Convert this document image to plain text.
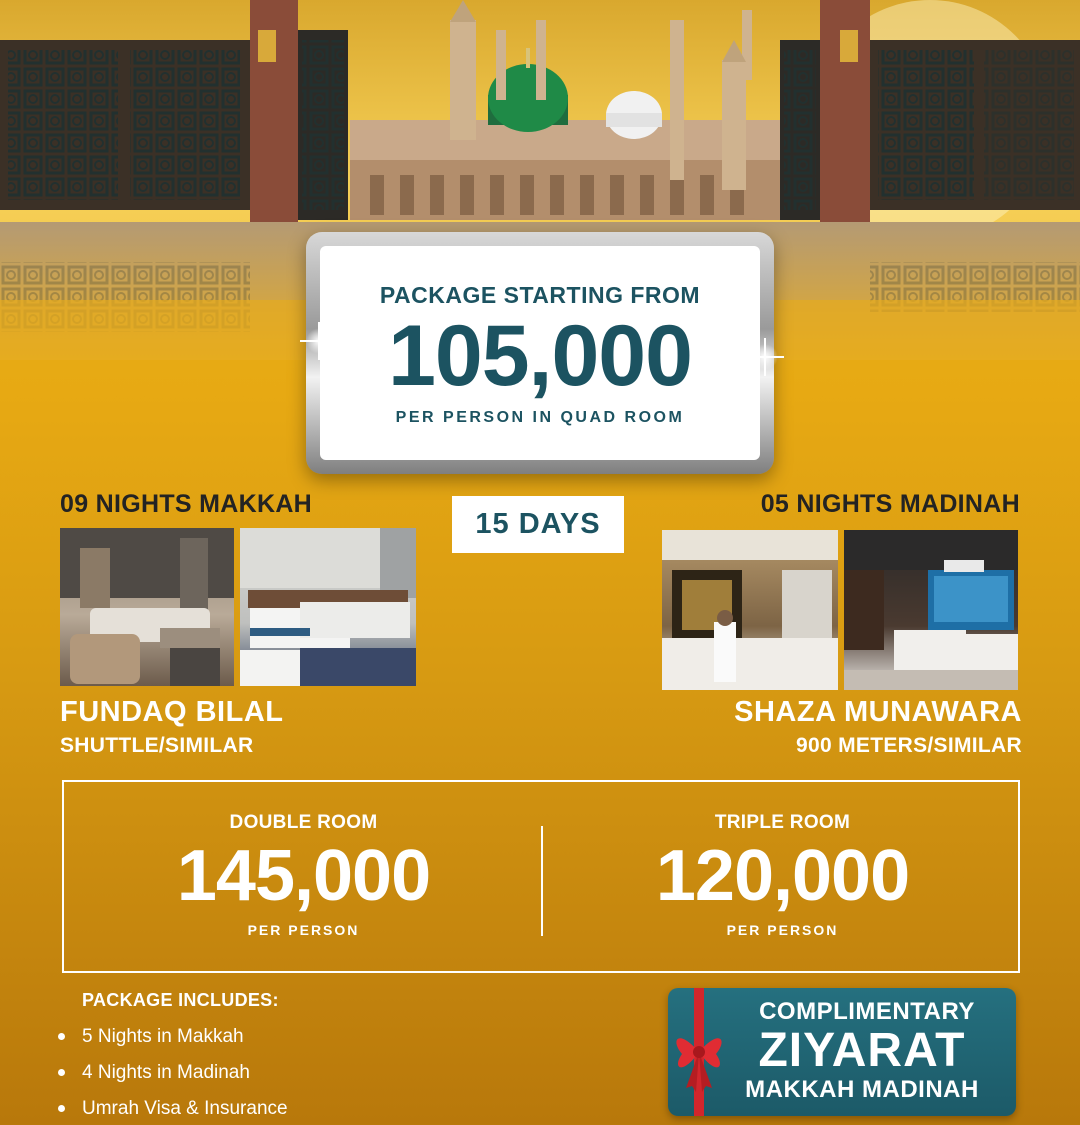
PACKAGE STARTING FROM
105,000
PER PERSON IN QUAD ROOM
09 NIGHTS MAKKAH
FUNDAQ BILAL
SHUTTLE/SIMILAR
15 DAYS
05 NIGHTS MADINAH
SHAZA MUNAWARA
900 METERS/SIMILAR
DOUBLE ROOM
145,000
PER PERSON
TRIPLE ROOM
120,000
PER PERSON
PACKAGE INCLUDES:
5 Nights in Makkah
4 Nights in Madinah
Umrah Visa & Insurance
COMPLIMENTARY
ZIYARAT
MAKKAH MADINAH
